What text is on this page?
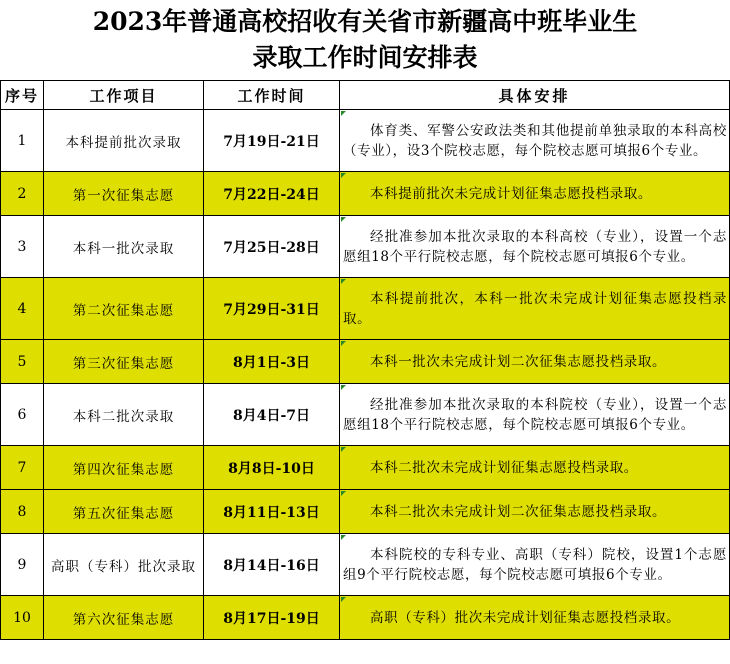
2023年普通高校招收有关省市新疆高中班毕业生
录取工作时间安排表
序号	工作项目	工作时间	具体安排
1	本科提前批次录取	7月19日-21日	体育类、军警公安政法类和其他提前单独录取的本科高校（专业），设3个院校志愿，每个院校志愿可填报6个专业。

2	第一次征集志愿	7月22日-24日	本科提前批次未完成计划征集志愿投档录取。

3	本科一批次录取	7月25日-28日	经批准参加本批次录取的本科高校（专业），设置一个志愿组18个平行院校志愿，每个院校志愿可填报6个专业。

4	第二次征集志愿	7月29日-31日	本科提前批次，本科一批次未完成计划征集志愿投档录取。

5	第三次征集志愿	8月1日-3日	本科一批次未完成计划二次征集志愿投档录取。

6	本科二批次录取	8月4日-7日	经批准参加本批次录取的本科院校（专业），设置一个志愿组18个平行院校志愿，每个院校志愿可填报6个专业。

7	第四次征集志愿	8月8日-10日	本科二批次未完成计划征集志愿投档录取。

8	第五次征集志愿	8月11日-13日	本科二批次未完成计划二次征集志愿投档录取。

9	高职（专科）批次录取	8月14日-16日	本科院校的专科专业、高职（专科）院校，设置1个志愿组9个平行院校志愿，每个院校志愿可填报6个专业。

10	第六次征集志愿	8月17日-19日	高职（专科）批次未完成计划征集志愿投档录取。
